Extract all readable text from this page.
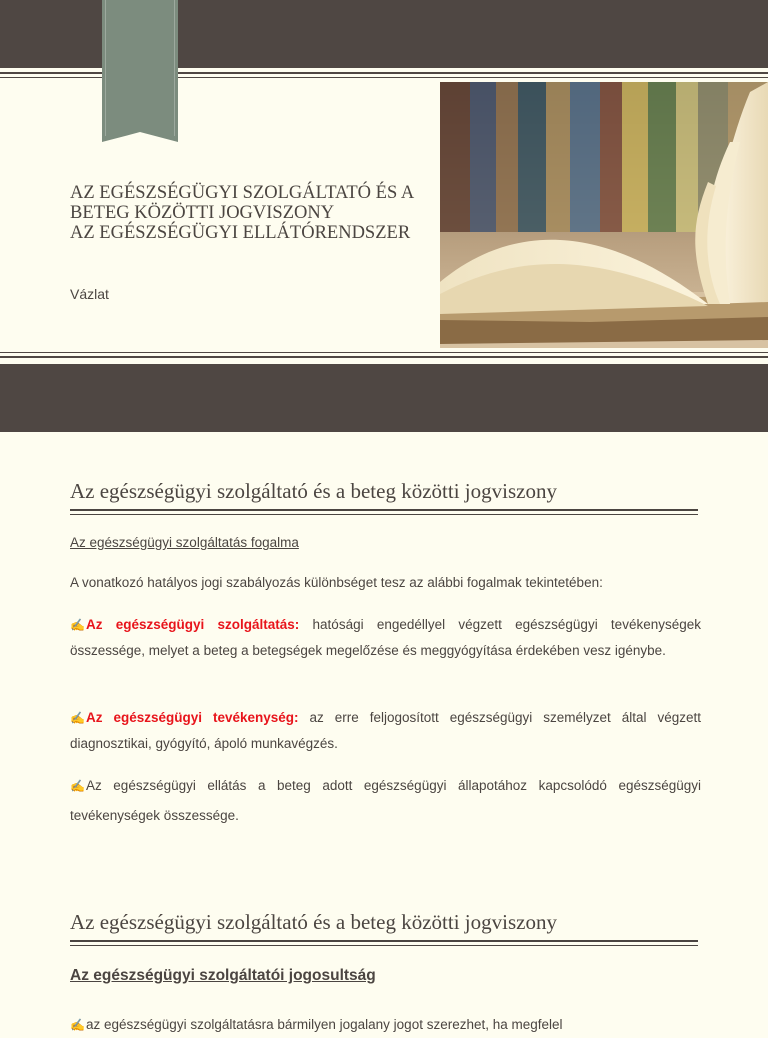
AZ EGÉSZSÉGÜGYI SZOLGÁLTATÓ ÉS A
BETEG KÖZÖTTI JOGVISZONY
AZ EGÉSZSÉGÜGYI ELLÁTÓRENDSZER
Vázlat
Az egészségügyi szolgáltató és a beteg közötti jogviszony
Az egészségügyi szolgáltatás fogalma
A vonatkozó hatályos jogi szabályozás különbséget tesz az alábbi fogalmak tekintetében:
✍Az egészségügyi szolgáltatás: hatósági engedéllyel végzett egészségügyi tevékenységek összessége, melyet a beteg a betegségek megelőzése és meggyógyítása érdekében vesz igénybe.
✍Az egészségügyi tevékenység: az erre feljogosított egészségügyi személyzet által végzett diagnosztikai, gyógyító, ápoló munkavégzés.
✍Az egészségügyi ellátás a beteg adott egészségügyi állapotához kapcsolódó egészségügyi tevékenységek összessége.
Az egészségügyi szolgáltató és a beteg közötti jogviszony
Az egészségügyi szolgáltatói jogosultság
✍az egészségügyi szolgáltatásra bármilyen jogalany jogot szerezhet, ha megfelel
